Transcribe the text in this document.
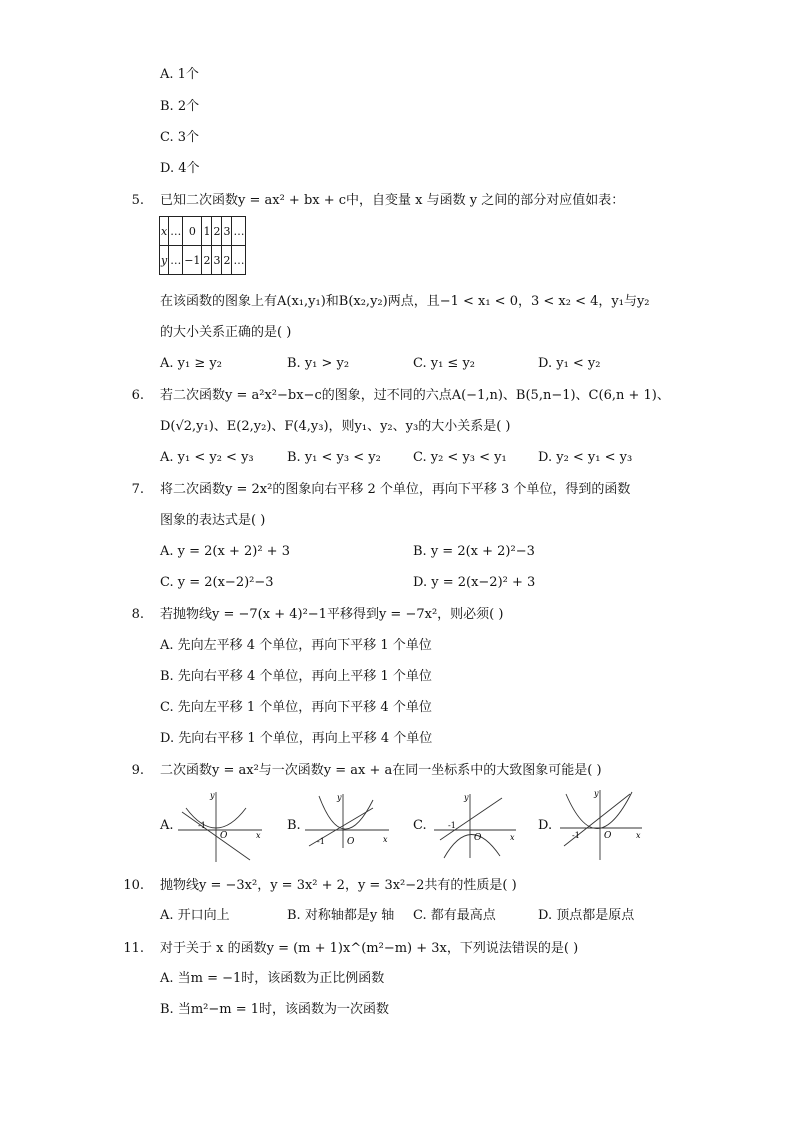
A. 1个
B. 2个
C. 3个
D. 4个
5. 已知二次函数y = ax² + bx + c中，自变量 x 与函数 y 之间的部分对应值如表：
x	…	0	1	2	3	…
y	…	−1	2	3	2	…
在该函数的图象上有A(x₁,y₁)和B(x₂,y₂)两点，且−1 < x₁ < 0，3 < x₂ < 4，y₁与y₂
的大小关系正确的是( )
A. y₁ ≥ y₂	B. y₁ > y₂	C. y₁ ≤ y₂	D. y₁ < y₂
6. 若二次函数y = a²x²−bx−c的图象，过不同的六点A(−1,n)、B(5,n−1)、C(6,n + 1)、
D(√2,y₁)、E(2,y₂)、F(4,y₃)，则y₁、y₂、y₃的大小关系是( )
A. y₁ < y₂ < y₃	B. y₁ < y₃ < y₂ C. y₂ < y₃ < y₁ D. y₂ < y₁ < y₃
7. 将二次函数y = 2x²的图象向右平移 2 个单位，再向下平移 3 个单位，得到的函数
图象的表达式是( )
A. y = 2(x + 2)² + 3	B. y = 2(x + 2)²−3
C. y = 2(x−2)²−3	D. y = 2(x−2)² + 3
8. 若抛物线y = −7(x + 4)²−1平移得到y = −7x²，则必须( )
A. 先向左平移 4 个单位，再向下平移 1 个单位
B. 先向右平移 4 个单位，再向上平移 1 个单位
C. 先向左平移 1 个单位，再向下平移 4 个单位
D. 先向右平移 1 个单位，再向上平移 4 个单位
9. 二次函数y = ax²与一次函数y = ax + a在同一坐标系中的大致图象可能是( )
A.
y
x
-1
O
B.
y
x
-1 O
C.
y
x
-1
O
D.
y
x
-1	O
10. 抛物线y = −3x²，y = 3x² + 2，y = 3x²−2共有的性质是( )
A. 开口向上	B. 对称轴都是y 轴 C. 都有最高点	D. 顶点都是原点
11. 对于关于 x 的函数y = (m + 1)x^(m²−m) + 3x，下列说法错误的是( )
A. 当m = −1时，该函数为正比例函数
B. 当m²−m = 1时，该函数为一次函数
